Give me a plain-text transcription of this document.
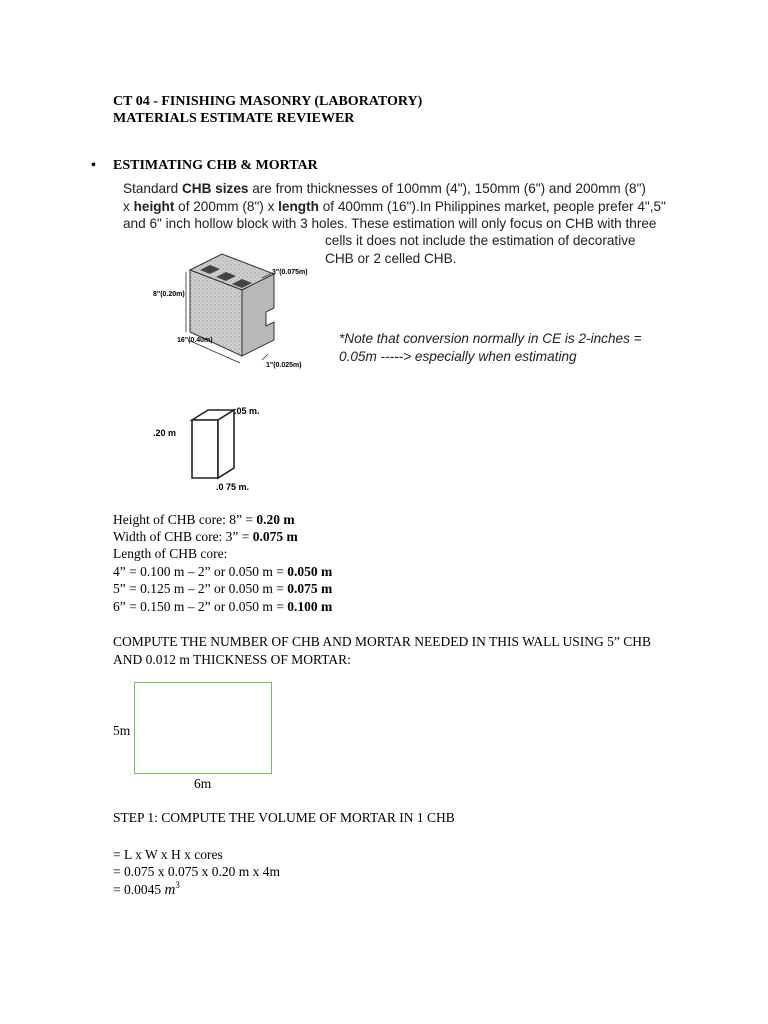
CT 04 - FINISHING MASONRY (LABORATORY)
MATERIALS ESTIMATE REVIEWER
• ESTIMATING CHB & MORTAR
Standard CHB sizes are from thicknesses of 100mm (4"), 150mm (6") and 200mm (8")
x height of 200mm (8") x length of 400mm (16").In Philippines market, people prefer 4",5"
and 6" inch hollow block with 3 holes. These estimation will only focus on CHB with three
cells it does not include the estimation of decorative
CHB or 2 celled CHB.
3"(0.075m)
8"(0.20m)
16"(0.40m)
1"(0.025m)
*Note that conversion normally in CE is 2-inches =
0.05m -----> especially when estimating
.05 m.
.20 m
.0 75 m.
Height of CHB core: 8” = 0.20 m
Width of CHB core: 3” = 0.075 m
Length of CHB core:
4” = 0.100 m – 2” or 0.050 m = 0.050 m
5” = 0.125 m – 2” or 0.050 m = 0.075 m
6” = 0.150 m – 2” or 0.050 m = 0.100 m
COMPUTE THE NUMBER OF CHB AND MORTAR NEEDED IN THIS WALL USING 5” CHB
AND 0.012 m THICKNESS OF MORTAR:
5m
6m
STEP 1: COMPUTE THE VOLUME OF MORTAR IN 1 CHB
= L x W x H x cores
= 0.075 x 0.075 x 0.20 m x 4m
= 0.0045 $m^3$
